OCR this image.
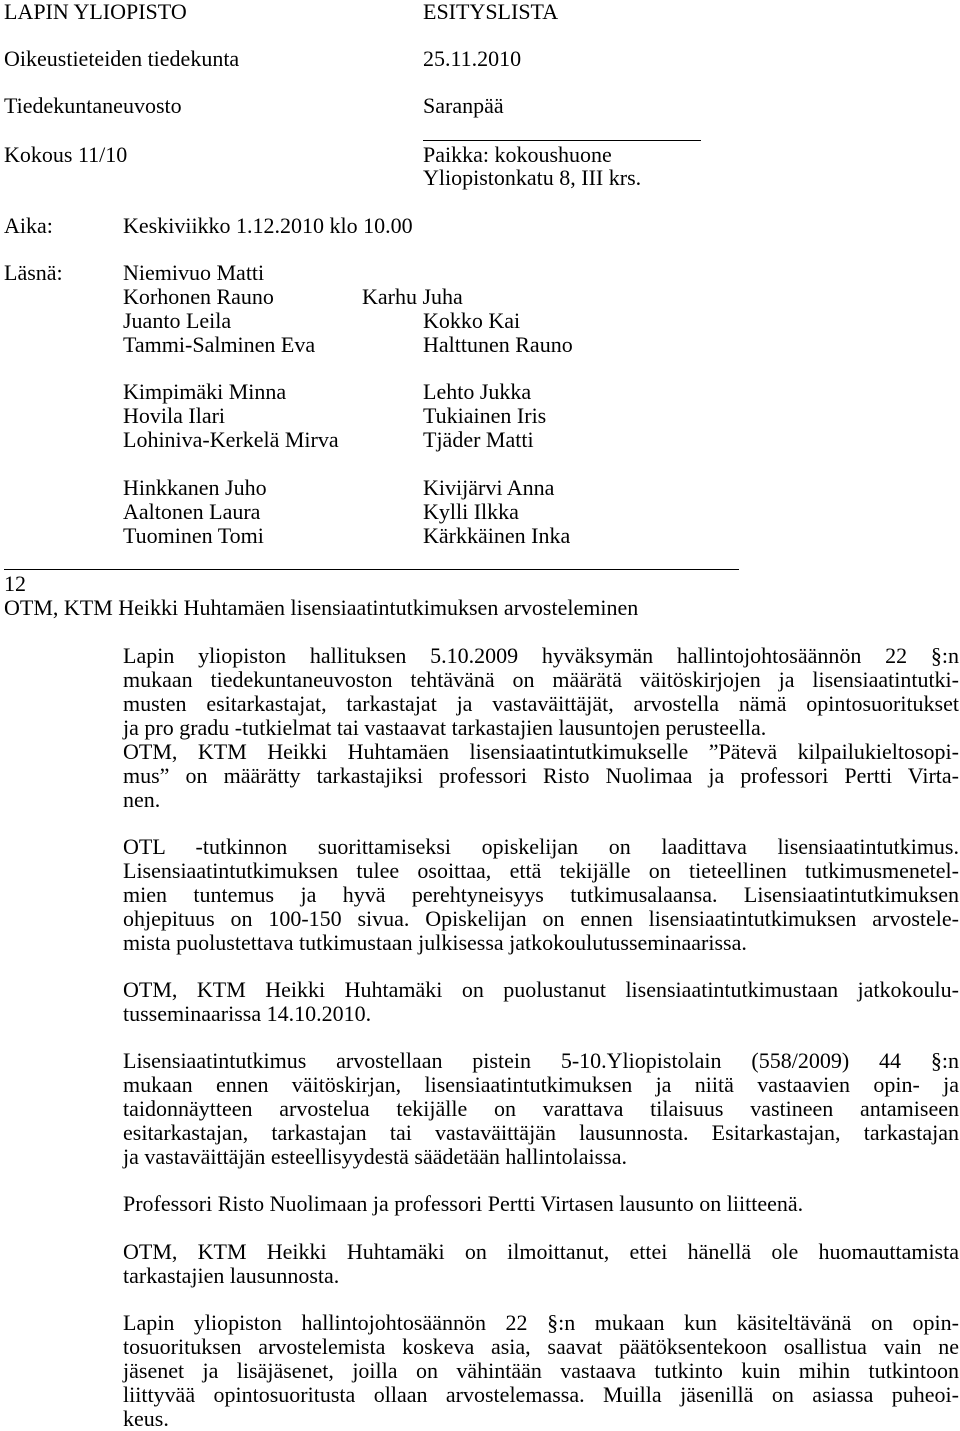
LAPIN YLIOPISTO	ESITYSLISTA
Oikeustieteiden tiedekunta	25.11.2010
Tiedekuntaneuvosto	Saranpää
Kokous 11/10	Paikka: kokoushuone
Yliopistonkatu 8, III krs.
Aika:	Keskiviikko 1.12.2010 klo 10.00
Läsnä:	Niemivuo Matti
Korhonen Rauno	Karhu Juha
Juanto Leila	Kokko Kai
Tammi-Salminen Eva	Halttunen Rauno
Kimpimäki Minna	Lehto Jukka
Hovila Ilari	Tukiainen Iris
Lohiniva-Kerkelä Mirva	Tjäder Matti
Hinkkanen Juho	Kivijärvi Anna
Aaltonen Laura	Kylli Ilkka
Tuominen Tomi	Kärkkäinen Inka
12
OTM, KTM Heikki Huhtamäen lisensiaatintutkimuksen arvosteleminen
Lapin yliopiston hallituksen 5.10.2009 hyväksymän hallintojohtosäännön 22 §:n
mukaan tiedekuntaneuvoston tehtävänä on määrätä väitöskirjojen ja lisensiaatintutki-
musten esitarkastajat, tarkastajat ja vastaväittäjät, arvostella nämä opintosuoritukset
ja pro gradu -tutkielmat tai vastaavat tarkastajien lausuntojen perusteella.
OTM, KTM Heikki Huhtamäen lisensiaatintutkimukselle ”Pätevä kilpailukieltosopi-
mus” on määrätty tarkastajiksi professori Risto Nuolimaa ja professori Pertti Virta-
nen.
OTL -tutkinnon suorittamiseksi opiskelijan on laadittava lisensiaatintutkimus.
Lisensiaatintutkimuksen tulee osoittaa, että tekijälle on tieteellinen tutkimusmenetel-
mien tuntemus ja hyvä perehtyneisyys tutkimusalaansa. Lisensiaatintutkimuksen
ohjepituus on 100-150 sivua. Opiskelijan on ennen lisensiaatintutkimuksen arvostele-
mista puolustettava tutkimustaan julkisessa jatkokoulutusseminaarissa.
OTM, KTM Heikki Huhtamäki on puolustanut lisensiaatintutkimustaan jatkokoulu-
tusseminaarissa 14.10.2010.
Lisensiaatintutkimus arvostellaan pistein 5-10.Yliopistolain (558/2009) 44 §:n
mukaan ennen väitöskirjan, lisensiaatintutkimuksen ja niitä vastaavien opin- ja
taidonnäytteen arvostelua tekijälle on varattava tilaisuus vastineen antamiseen
esitarkastajan, tarkastajan tai vastaväittäjän lausunnosta. Esitarkastajan, tarkastajan
ja vastaväittäjän esteellisyydestä säädetään hallintolaissa.
Professori Risto Nuolimaan ja professori Pertti Virtasen lausunto on liitteenä.
OTM, KTM Heikki Huhtamäki on ilmoittanut, ettei hänellä ole huomauttamista
tarkastajien lausunnosta.
Lapin yliopiston hallintojohtosäännön 22 §:n mukaan kun käsiteltävänä on opin-
tosuorituksen arvostelemista koskeva asia, saavat päätöksentekoon osallistua vain ne
jäsenet ja lisäjäsenet, joilla on vähintään vastaava tutkinto kuin mihin tutkintoon
liittyvää opintosuoritusta ollaan arvostelemassa. Muilla jäsenillä on asiassa puheoi-
keus.
